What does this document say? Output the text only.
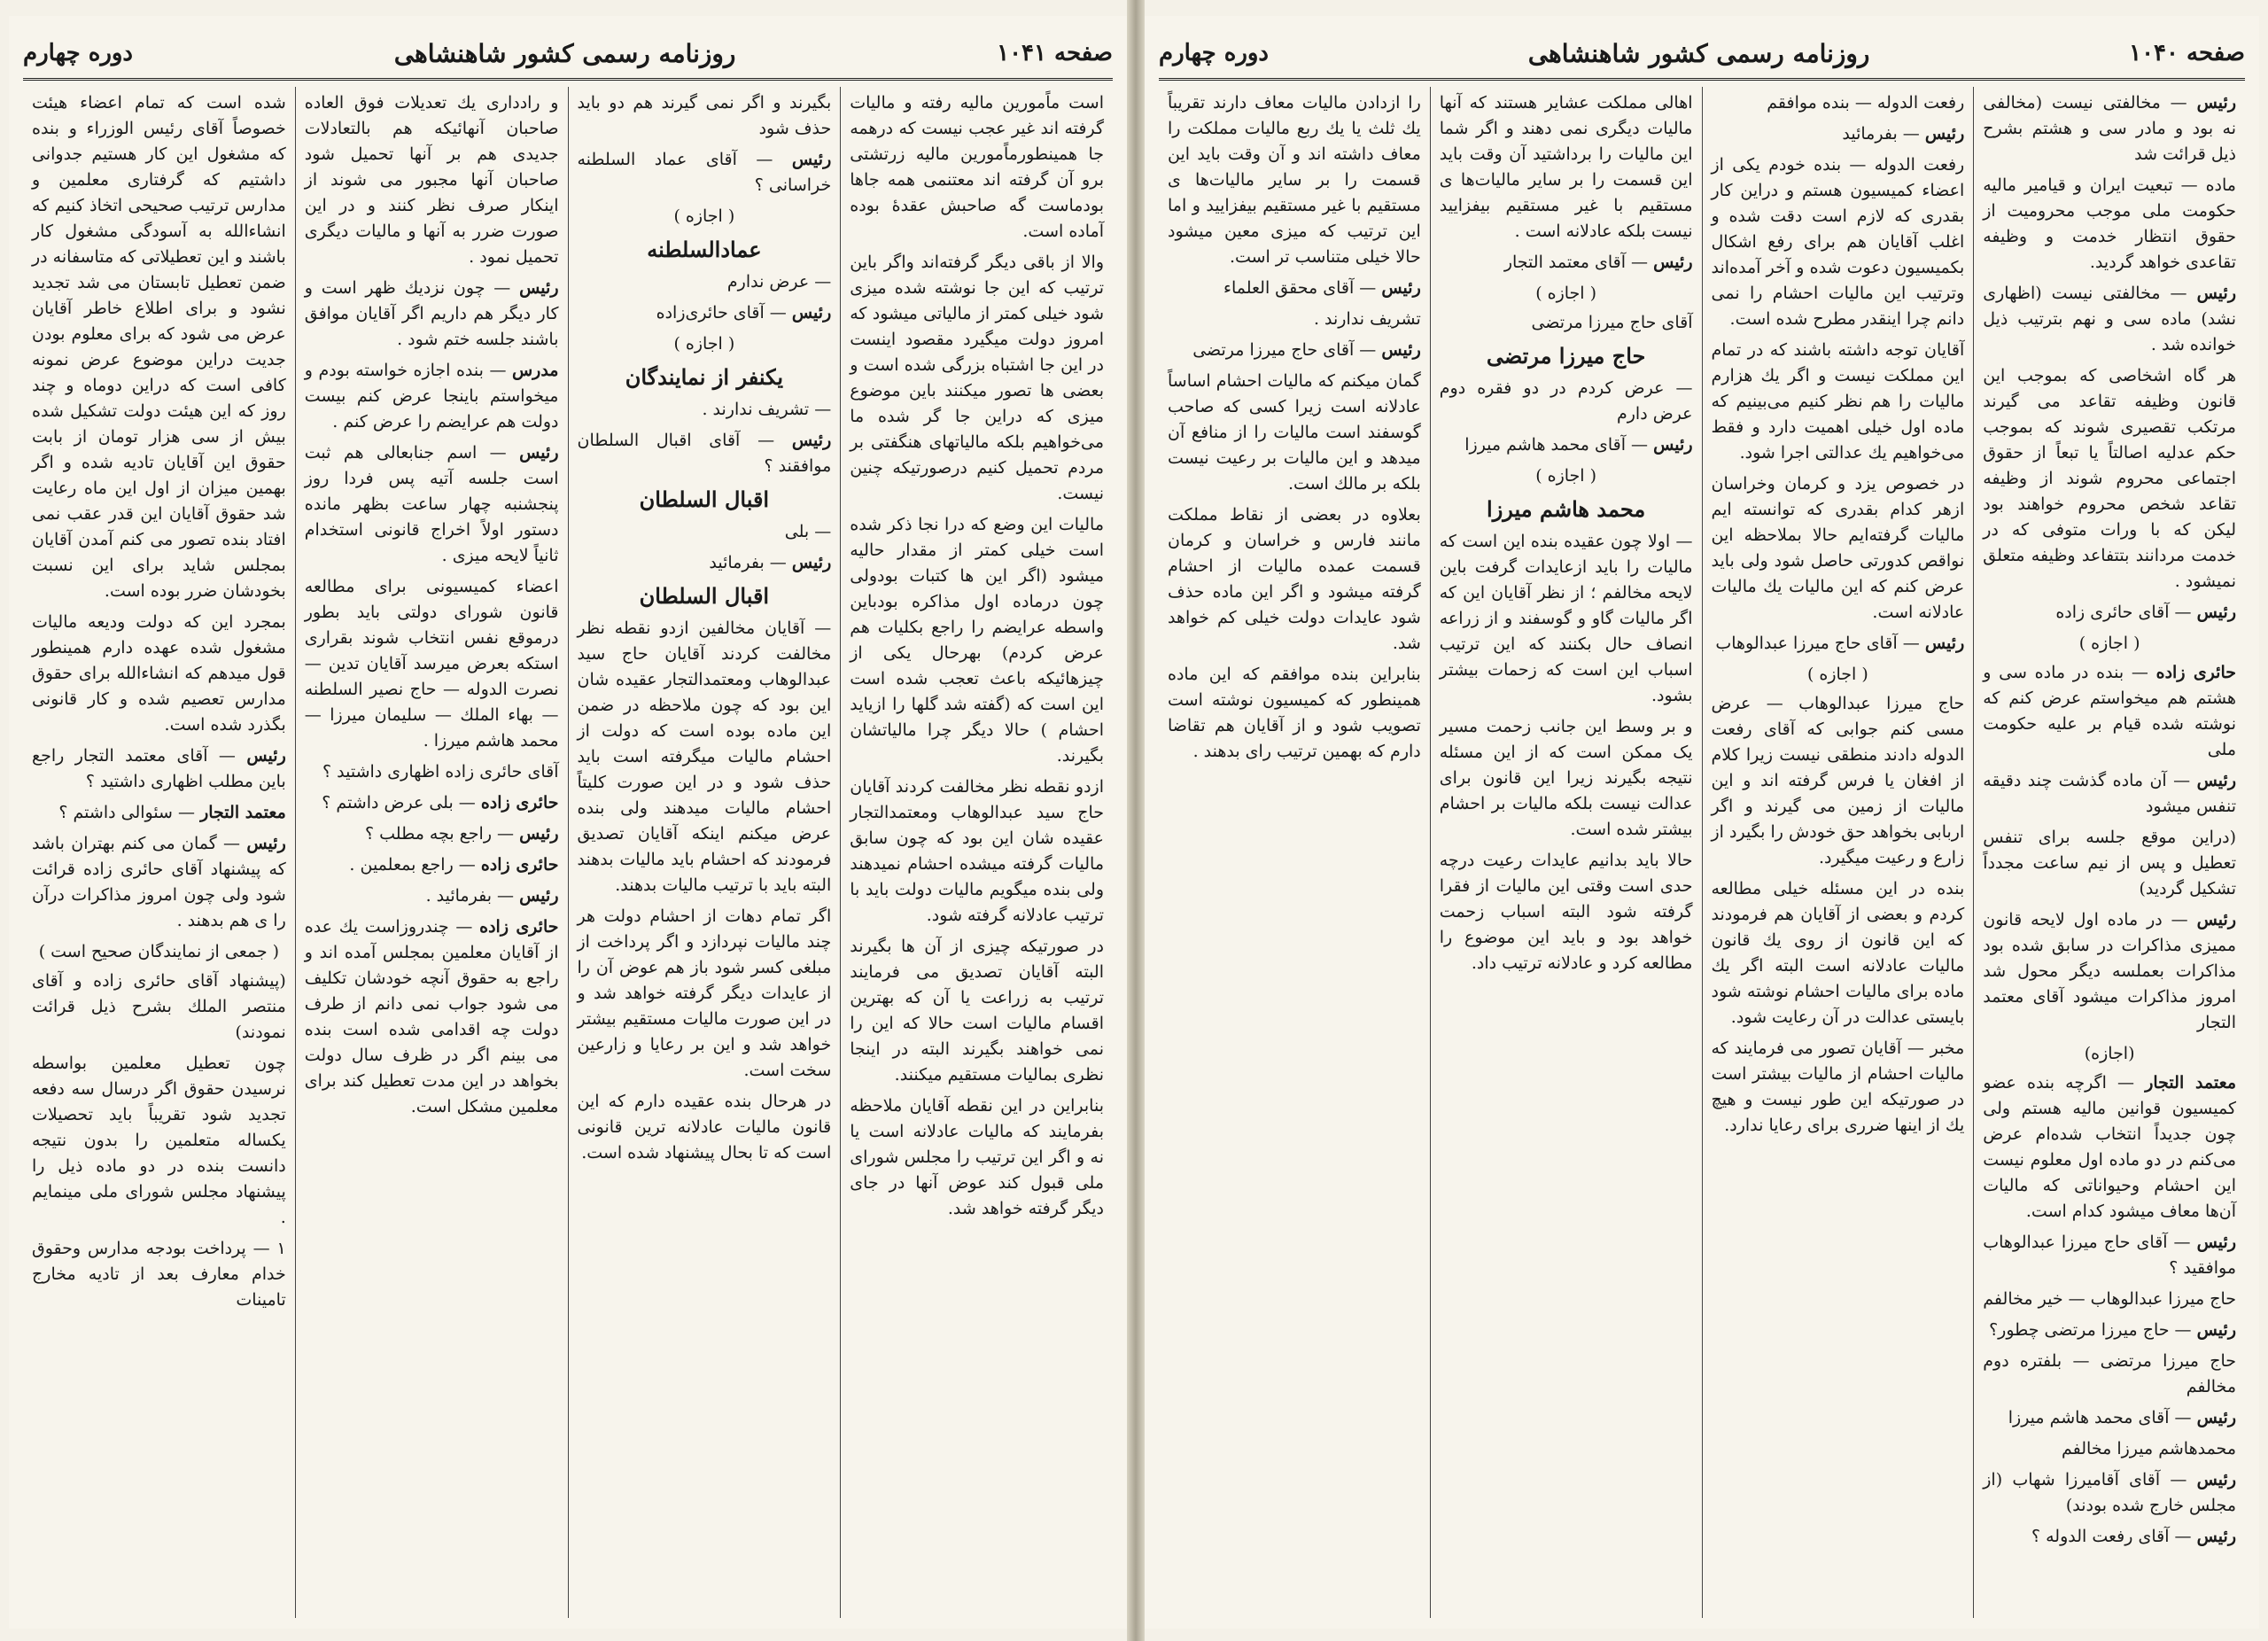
صفحه ۱۰۴۱
روزنامه رسمی کشور شاهنشاهی
دوره چهارم

است ماًمورین مالیه رفته و مالیات گرفته اند غیر عجب نیست که درهمه جا همینطورماًمورین مالیه زرتشتی برو آن گرفته اند معتنمی همه جاها بودماست گه صاحبش عقدهٔ بوده آماده است.

والا از باقی دیگر گرفته‌اند واگر باین ترتیب که این جا نوشته شده میزی شود خیلی کمتر از مالیاتی میشود که امروز دولت میگیرد مقصود اینست در این جا اشتباه بزرگی شده است و بعضی ها تصور میکنند باین موضوع میزی که دراین جا گر شده ما می‌خواهیم بلکه مالیاتهای هنگفتی بر مردم تحمیل کنیم درصورتیکه چنین نیست.

مالیات این وضع که درا نجا ذکر شده است خیلی کمتر از مقدار حالیه میشود (اگر این ها کتبات بودولی چون درماده اول مذاکره بودباین واسطه عرایضم را راجع بکلیات هم عرض کردم) بهرحال یکی از چیزهائیکه باعث تعجب شده است این است که (گفته شد گلها را ازیاید احشام ) حالا دیگر چرا مالیاتشان بگیرند.

ازدو نقطه نظر مخالفت کردند آقایان حاج سید عبدالوهاب ومعتمدالتجار عقیده شان این بود که چون سابق مالیات گرفته میشده احشام نمیدهند ولی بنده میگویم مالیات دولت باید با ترتیب عادلانه گرفته شود.

در صورتیکه چیزی از آن ها بگیرند البته آقایان تصدیق می فرمایند ترتیب به زراعت یا آن که بهترین اقسام مالیات است حالا که این را نمی خواهند بگیرند البته در اینجا نظری بمالیات مستقیم میکنند.

بنابراین در این نقطه آقایان ملاحظه بفرمایند که مالیات عادلانه است یا نه و اگر این ترتیب را مجلس شورای ملی قبول کند عوض آنها در جای دیگر گرفته خواهد شد.

بگیرند و اگر نمی گیرند هم دو باید حذف شود

رئیس — آقای عماد السلطنه خراسانی ؟

( اجازه )
عمادالسلطنه

— عرض ندارم

رئیس — آقای حائری‌زاده

( اجازه )
یکنفر از نمایندگان

— تشریف ندارند .

رئیس — آقای اقبال السلطان موافقند ؟

اقبال السلطان

— بلی

رئیس — بفرمائید

اقبال السلطان

— آقایان مخالفین ازدو نقطه نظر مخالفت کردند آقایان حاج سید عبدالوهاب ومعتمدالتجار عقیده شان این بود که چون ملاحظه در ضمن این ماده بوده است که دولت از احشام مالیات میگرفته است باید حذف شود و در این صورت کلیتاً احشام مالیات میدهند ولی بنده عرض میکنم اینکه آقایان تصدیق فرمودند که احشام باید مالیات بدهند البته باید با ترتیب مالیات بدهند.

اگر تمام دهات از احشام دولت هر چند مالیات نپردازد و اگر پرداخت از مبلغی کسر شود باز هم عوض آن را از عایدات دیگر گرفته خواهد شد و در این صورت مالیات مستقیم بیشتر خواهد شد و این بر رعایا و زارعین سخت است.

در هرحال بنده عقیده دارم که این قانون مالیات عادلانه ترین قانونی است که تا بحال پیشنهاد شده است.

و رادداری یك تعدیلات فوق العاده صاحبان آنهائیکه هم بالتعادلات جدیدی هم بر آنها تحمیل شود صاحبان آنها مجبور می شوند از اینکار صرف نظر کنند و در این صورت ضرر به آنها و مالیات دیگری تحمیل نمود .

رئیس — چون نزدیك ظهر است و کار دیگر هم داریم اگر آقایان موافق باشند جلسه ختم شود .

مدرس — بنده اجازه خواسته بودم و میخواستم باینجا عرض کنم بیست دولت هم عرایضم را عرض کنم .

رئیس — اسم جنابعالی هم ثبت است جلسه آتیه پس فردا روز پنجشنبه چهار ساعت بظهر مانده دستور اولاً اخراج قانونی استخدام ثانیاً لایحه میزی .

اعضاء کمیسیونی برای مطالعه قانون شورای دولتی باید بطور درموقع نفس انتخاب شوند بقراری استکه بعرض میرسد آقایان تدین — نصرت الدوله — حاج نصیر السلطنه — بهاء الملك — سلیمان میرزا — محمد هاشم میرزا .

آقای حائری زاده اظهاری داشتید ؟

حائری زاده — بلی عرض داشتم ؟

رئیس — راجع بچه مطلب ؟

حائری زاده — راجع بمعلمین .

رئیس — بفرمائید .

حائری زاده — چندروزاست یك عده از آقایان معلمین بمجلس آمده اند و راجع به حقوق آنچه خودشان تکلیف می شود جواب نمی دانم از طرف دولت چه اقدامی شده است بنده می بینم اگر در ظرف سال دولت بخواهد در این مدت تعطیل کند برای معلمین مشکل است.

شده است که تمام اعضاء هیئت خصوصاً آقای رئیس الوزراء و بنده که مشغول این کار هستیم جدوانی داشتیم که گرفتاری معلمین و مدارس ترتیب صحیحی اتخاذ کنیم که انشاءالله به آسودگی مشغول کار باشند و این تعطیلاتی که متاسفانه در ضمن تعطیل تابستان می شد تجدید نشود و برای اطلاع خاطر آقایان عرض می شود که برای معلوم بودن جدیت دراین موضوع عرض نمونه کافی است که دراین دوماه و چند روز که این هیئت دولت تشکیل شده بیش از سی هزار تومان از بابت حقوق این آقایان تادیه شده و اگر بهمین میزان از اول این ماه رعایت شد حقوق آقایان این قدر عقب نمی افتاد بنده تصور می کنم آمدن آقایان بمجلس شاید برای این نسبت بخودشان ضرر بوده است.

بمجرد این که دولت ودیعه مالیات مشغول شده عهده دارم همینطور قول میدهم که انشاءالله برای حقوق مدارس تعصیم شده و کار قانونی بگذرد شده است.

رئیس — آقای معتمد التجار راجع باین مطلب اظهاری داشتید ؟

معتمد التجار — سئوالی داشتم ؟

رئیس — گمان می کنم بهتران باشد که پیشنهاد آقای حائری زاده قرائت شود ولی چون امروز مذاکرات درآن را ی هم بدهند .

( جمعی از نمایندگان صحیح است )

(پیشنهاد آقای حائری زاده و آقای منتصر الملك بشرح ذیل قرائت نمودند)

چون تعطیل معلمین بواسطه نرسیدن حقوق اگر درسال سه دفعه تجدید شود تقریباً باید تحصیلات یکساله متعلمین را بدون نتیجه دانست بنده در دو ماده ذیل را پیشنهاد مجلس شورای ملی مینمایم .

۱ — پرداخت بودجه مدارس وحقوق خدام معارف بعد از تادیه مخارج تامینات

صفحه ۱۰۴۰
روزنامه رسمی کشور شاهنشاهی
دوره چهارم

رئیس — مخالفتی نیست (مخالفی نه بود و مادر سی و هشتم بشرح ذیل قرائت شد

ماده — تبعیت ایران و قیامیر مالیه حکومت ملی موجب محرومیت از حقوق انتظار خدمت و وظیفه تقاعدی خواهد گردید.

رئیس — مخالفتی نیست (اظهاری نشد) ماده سی و نهم بترتیب ذیل خوانده شد .

هر گاه اشخاصی که بموجب این قانون وظیفه تقاعد می گیرند مرتکب تقصیری شوند که بموجب حکم عدلیه اصالتاً یا تبعاً از حقوق اجتماعی محروم شوند از وظیفه تقاعد شخص محروم خواهند بود لیکن که با ورات متوفی که در خدمت مردانند بتتفاعد وظیفه متعلق نمیشود .

رئیس — آقای حائری زاده

( اجازه )

حائری زاده — بنده در ماده سی و هشتم هم میخواستم عرض کنم که نوشته شده قیام بر علیه حکومت ملی

رئیس — آن ماده گذشت چند دقیقه تنفس میشود

(دراین موقع جلسه برای تنفس تعطیل و پس از نیم ساعت مجدداً تشکیل گردید)

رئیس — در ماده اول لایحه قانون ممیزی مذاکرات در سابق شده بود مذاکرات بعملسه دیگر محول شد امروز مذاکرات میشود آقای معتمد التجار

(اجازه)

معتمد التجار — اگرچه بنده عضو کمیسیون قوانین مالیه هستم ولی چون جدیداً انتخاب شده‌ام عرض می‌کنم در دو ماده اول معلوم نیست این احشام وحیواناتی که مالیات آن‌ها معاف میشود کدام است.

رئیس — آقای حاج میرزا عبدالوهاب موافقید ؟

حاج میرزا عبدالوهاب — خیر مخالفم

رئیس — حاج میرزا مرتضی چطور؟

حاج میرزا مرتضی — بلفتره دوم مخالفم

رئیس — آقای محمد هاشم میرزا

محمدهاشم میرزا مخالفم

رئیس — آقای آقامیرزا شهاب (از مجلس خارج شده بودند)

رئیس — آقای رفعت الدوله ؟

رفعت الدوله — بنده موافقم

رئیس — بفرمائید

رفعت الدوله — بنده خودم یکی از اعضاء کمیسیون هستم و دراین کار بقدری که لازم است دقت شده و اغلب آقایان هم برای رفع اشکال بکمیسیون دعوت شده و آخر آمده‌اند وترتیب این مالیات احشام را نمی دانم چرا اینقدر مطرح شده است.

آقایان توجه داشته باشند که در تمام این مملکت نیست و اگر یك هزارم مالیات را هم نظر کنیم می‌بینیم که ماده اول خیلی اهمیت دارد و فقط می‌خواهیم یك عدالتی اجرا شود.

در خصوص یزد و کرمان وخراسان ازهر کدام بقدری که توانسته ایم مالیات گرفته‌ایم حالا بملاحظه این نواقص کدورتی حاصل شود ولی باید عرض کنم که این مالیات یك مالیات عادلانه است.

رئیس — آقای حاج میرزا عبدالوهاب

( اجازه )

حاج میرزا عبدالوهاب — عرض مسی کنم جوابی که آقای رفعت الدوله دادند منطقی نیست زیرا کلام از افغان یا فرس گرفته اند و این مالیات از زمین می گیرند و اگر اربابی بخواهد حق خودش را بگیرد از زارع و رعیت میگیرد.

بنده در این مسئله خیلی مطالعه کردم و بعضی از آقایان هم فرمودند که این قانون از روی یك قانون مالیات عادلانه است البته اگر یك ماده برای مالیات احشام نوشته شود بایستی عدالت در آن رعایت شود.

مخبر — آقایان تصور می فرمایند که مالیات احشام از مالیات بیشتر است در صورتیکه این طور نیست و هیچ یك از اینها ضرری برای رعایا ندارد.

اهالی مملکت عشایر هستند که آنها مالیات دیگری نمی دهند و اگر شما این مالیات را برداشتید آن وقت باید این قسمت را بر سایر مالیات‌ها ی مستقیم با غیر مستقیم بیفزایید نیست بلکه عادلانه است .

رئیس — آقای معتمد التجار

( اجازه )

آقای حاج میرزا مرتضی

حاج میرزا مرتضی

— عرض کردم در دو فقره دوم عرض دارم

رئیس — آقای محمد هاشم میرزا

( اجازه )
محمد هاشم میرزا

— اولا چون عقیده بنده این است که مالیات را باید ازعایدات گرفت باین لایحه مخالفم ؛ از نظر آقایان این که اگر مالیات گاو و گوسفند و از زراعه انصاف حال بکنند که این ترتیب اسباب این است که زحمات بیشتر بشود.

و بر وسط این جانب زحمت مسیر یک ممکن است که از این مسئله نتیجه بگیرند زیرا این قانون برای عدالت نیست بلکه مالیات بر احشام بیشتر شده است.

حالا باید بدانیم عایدات رعیت درچه حدی است وقتی این مالیات از فقرا گرفته شود البته اسباب زحمت خواهد بود و باید این موضوع را مطالعه کرد و عادلانه ترتیب داد.

را ازدادن مالیات معاف دارند تقریباً یك ثلث یا یك ربع مالیات مملکت را معاف داشته اند و آن وقت باید این قسمت را بر سایر مالیات‌ها ی مستقیم با غیر مستقیم بیفزایید و اما این ترتیب که میزی معین میشود حالا خیلی متناسب تر است.

رئیس — آقای محقق العلماء

تشریف ندارند .

رئیس — آقای حاج میرزا مرتضی

گمان میکنم که مالیات احشام اساساً عادلانه است زیرا کسی که صاحب گوسفند است مالیات را از منافع آن میدهد و این مالیات بر رعیت نیست بلکه بر مالك است.

بعلاوه در بعضی از نقاط مملکت مانند فارس و خراسان و کرمان قسمت عمده مالیات از احشام گرفته میشود و اگر این ماده حذف شود عایدات دولت خیلی کم خواهد شد.

بنابراین بنده موافقم که این ماده همینطور که کمیسیون نوشته است تصویب شود و از آقایان هم تقاضا دارم که بهمین ترتیب رای بدهند .
